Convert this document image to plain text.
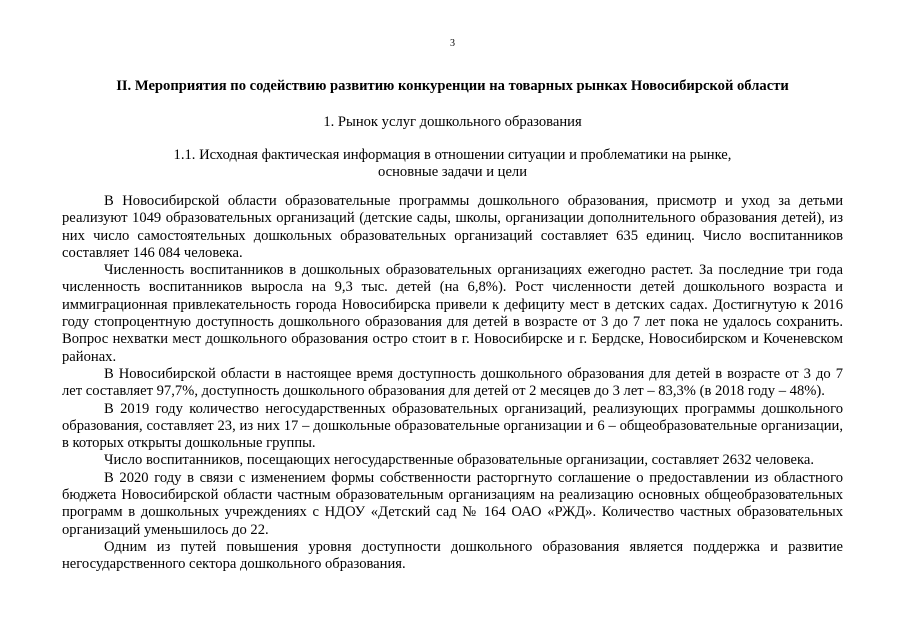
3
II. Мероприятия по содействию развитию конкуренции на товарных рынках Новосибирской области
1. Рынок услуг дошкольного образования
1.1. Исходная фактическая информация в отношении ситуации и проблематики на рынке,
основные задачи и цели

В Новосибирской области образовательные программы дошкольного образования, присмотр и уход за детьми реализуют 1049 образовательных организаций (детские сады, школы, организации дополнительного образования детей), из них число самостоятельных дошкольных образовательных организаций составляет 635 единиц. Число воспитанников составляет 146 084 человека.

Численность воспитанников в дошкольных образовательных организациях ежегодно растет. За последние три года численность воспитанников выросла на 9,3 тыс. детей (на 6,8%). Рост численности детей дошкольного возраста и иммиграционная привлекательность города Новосибирска привели к дефициту мест в детских садах. Достигнутую к 2016 году стопроцентную доступность дошкольного образования для детей в возрасте от 3 до 7 лет пока не удалось сохранить. Вопрос нехватки мест дошкольного образования остро стоит в г. Новосибирске и г. Бердске, Новосибирском и Коченевском районах.

В Новосибирской области в настоящее время доступность дошкольного образования для детей в возрасте от 3 до 7 лет составляет 97,7%, доступность дошкольного образования для детей от 2 месяцев до 3 лет – 83,3% (в 2018 году – 48%).

В 2019 году количество негосударственных образовательных организаций, реализующих программы дошкольного образования, составляет 23, из них 17 – дошкольные образовательные организации и 6 – общеобразовательные организации, в которых открыты дошкольные группы.

Число воспитанников, посещающих негосударственные образовательные организации, составляет 2632 человека.

В 2020 году в связи с изменением формы собственности расторгнуто соглашение о предоставлении из областного бюджета Новосибирской области частным образовательным организациям на реализацию основных общеобразовательных программ в дошкольных учреждениях с НДОУ «Детский сад № 164 ОАО «РЖД». Количество частных образовательных организаций уменьшилось до 22.

Одним из путей повышения уровня доступности дошкольного образования является поддержка и развитие негосударственного сектора дошкольного образования.
